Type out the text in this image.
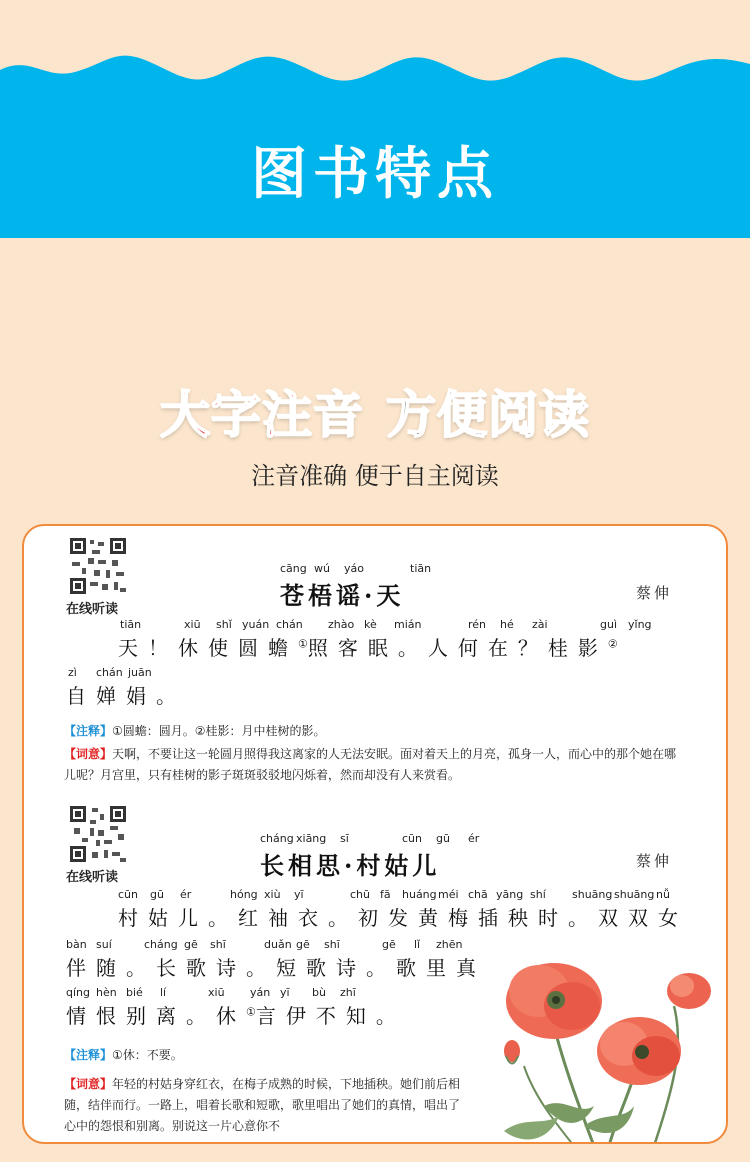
图书特点
大字注音 方便阅读
注音准确 便于自主阅读
在线听读
cāng wú yáo	tiān
苍梧谣·天	蔡伸
tiān	xiū shǐ yuán chán zhào kè mián	rén hé zài	guì yǐng
天！休使圆蟾①照客眠。人何在？桂影②
zì chán juān
自婵娟。
【注释】①圆蟾：圆月。②桂影：月中桂树的影。
【词意】天啊，不要让这一轮圆月照得我这离家的人无法安眠。面对着天上的月亮，孤身一人，而心中的那个她在哪儿呢？月宫里，只有桂树的影子斑斑驳驳地闪烁着，然而却没有人来赏看。
在线听读
cháng xiāng sī	cūn gū ér
长相思·村姑儿	蔡伸
cūn gū ér	hóng xiù yī	chū fā huáng méi chā yāng shí shuāng shuāng nǚ
村姑儿。红袖衣。初发黄梅插秧时。双双女
bàn suí	cháng gē shī	duǎn gē shī	gē lǐ zhēn
伴随。长歌诗。短歌诗。歌里真
qíng hèn bié lí	xiū yán yī bù zhī
情恨别离。休①言伊不知。
【注释】①休：不要。
【词意】年轻的村姑身穿红衣，在梅子成熟的时候，下地插秧。她们前后相随，结伴而行。一路上，唱着长歌和短歌，歌里唱出了她们的真情，唱出了心中的怨恨和别离。别说这一片心意你不
